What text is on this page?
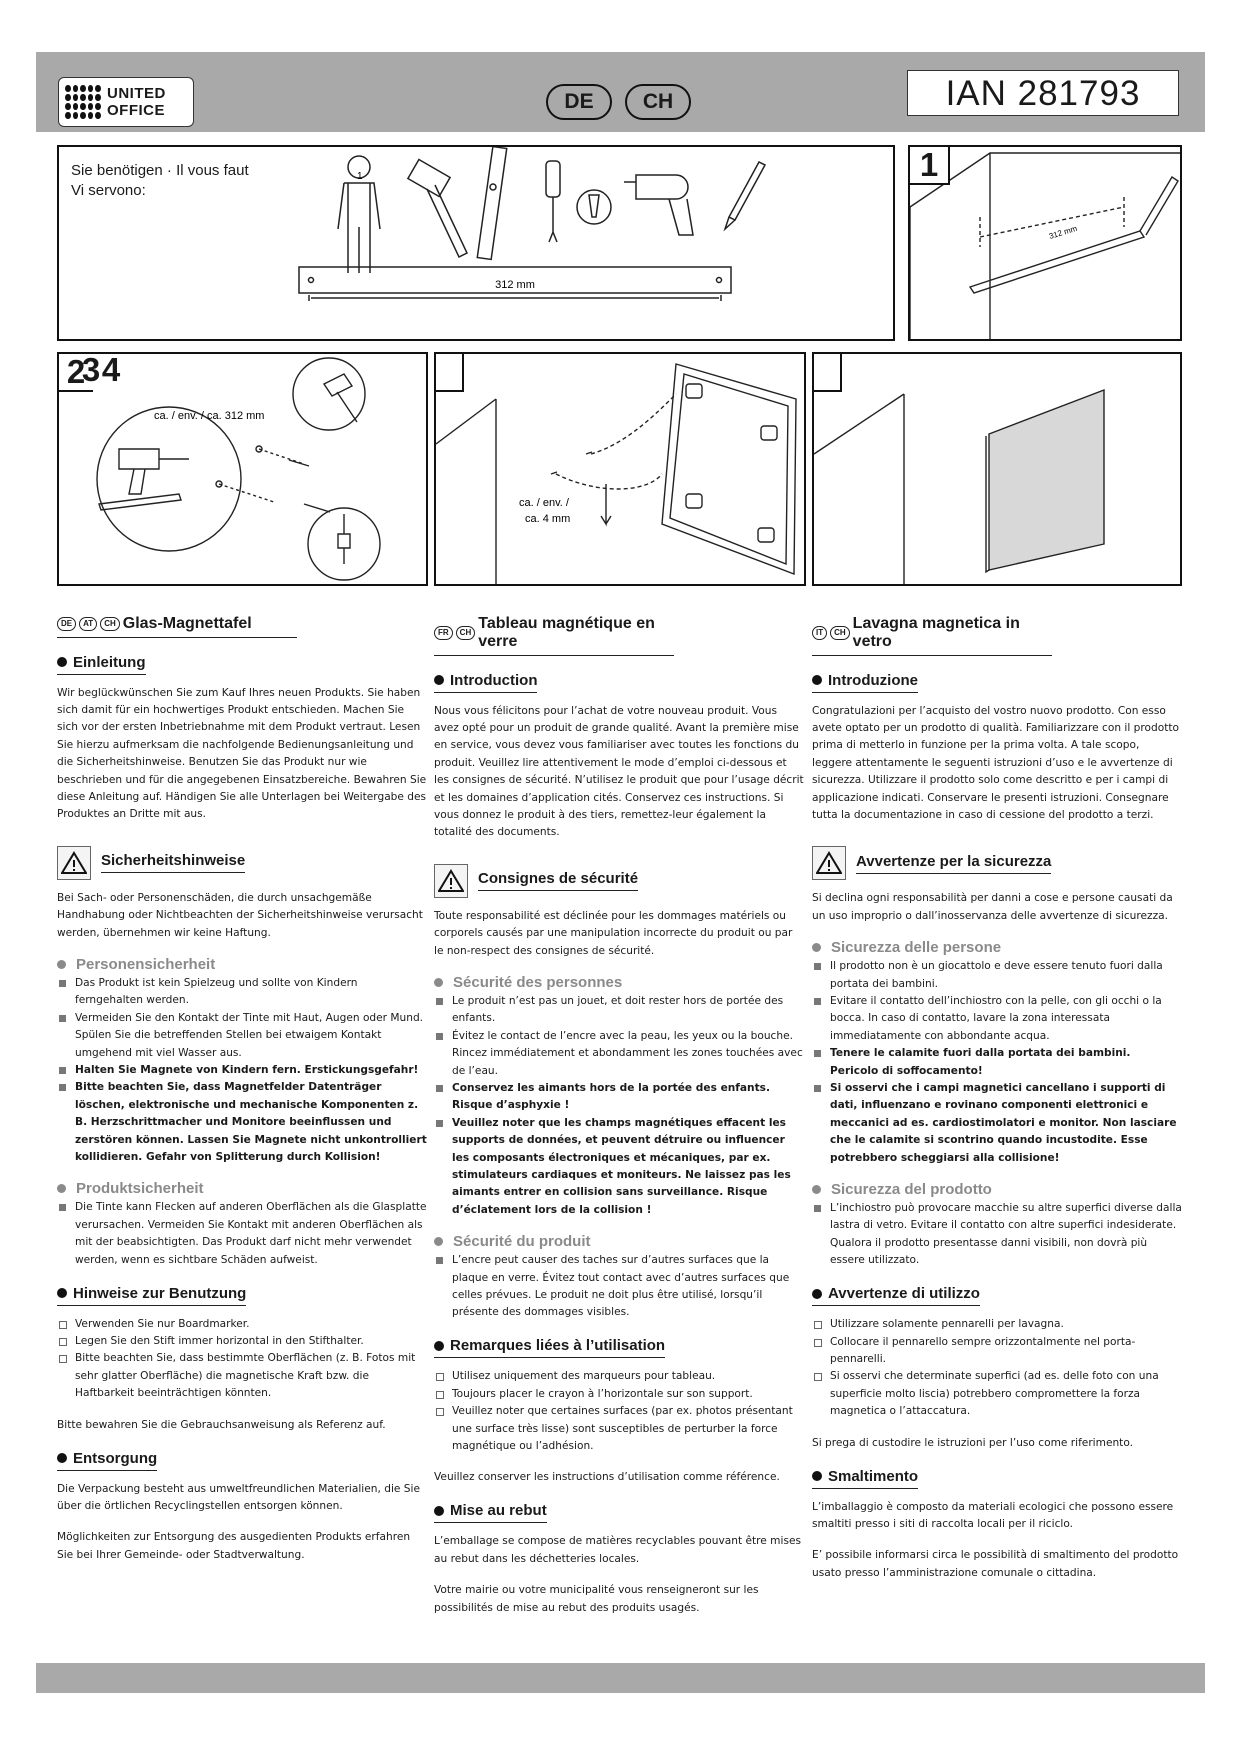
UNITED
OFFICE	DE	CH	IAN 281793
Sie benötigen · Il vous faut
Vi servono:
1
312 mm
312 mm
1
ca. / env. / ca. 312 mm
2
3 4
ca. / env. /
ca. 4 mm
DE	AT	CH Glas-Magnettafel
Einleitung

Wir beglückwünschen Sie zum Kauf Ihres neuen Produkts. Sie haben sich damit für ein hochwertiges Produkt entschieden. Machen Sie sich vor der ersten Inbetriebnahme mit dem Produkt vertraut. Lesen Sie hierzu aufmerksam die nachfolgende Bedienungsanleitung und die Sicherheitshinweise. Benutzen Sie das Produkt nur wie beschrieben und für die angegebenen Einsatzbereiche. Bewahren Sie diese Anleitung auf. Händigen Sie alle Unterlagen bei Weitergabe des Produktes an Dritte mit aus.

Sicherheitshinweise

Bei Sach- oder Personenschäden, die durch unsachgemäße Handhabung oder Nichtbeachten der Sicherheitshinweise verursacht werden, übernehmen wir keine Haftung.

Personensicherheit
Das Produkt ist kein Spielzeug und sollte von Kindern ferngehalten werden.
Vermeiden Sie den Kontakt der Tinte mit Haut, Augen oder Mund. Spülen Sie die betreffenden Stellen bei etwaigem Kontakt umgehend mit viel Wasser aus.
Halten Sie Magnete von Kindern fern. Erstickungsgefahr!
Bitte beachten Sie, dass Magnetfelder Datenträger löschen, elektronische und mechanische Komponenten z. B. Herzschrittmacher und Monitore beeinflussen und zerstören können. Lassen Sie Magnete nicht unkontrolliert kollidieren. Gefahr von Splitterung durch Kollision!
Produktsicherheit
Die Tinte kann Flecken auf anderen Oberflächen als die Glasplatte verursachen. Vermeiden Sie Kontakt mit anderen Oberflächen als mit der beabsichtigten. Das Produkt darf nicht mehr verwendet werden, wenn es sichtbare Schäden aufweist.
Hinweise zur Benutzung
Verwenden Sie nur Boardmarker.
Legen Sie den Stift immer horizontal in den Stifthalter.
Bitte beachten Sie, dass bestimmte Oberflächen (z. B. Fotos mit sehr glatter Oberfläche) die magnetische Kraft bzw. die Haftbarkeit beeinträchtigen könnten.

Bitte bewahren Sie die Gebrauchsanweisung als Referenz auf.

Entsorgung

Die Verpackung besteht aus umweltfreundlichen Materialien, die Sie über die örtlichen Recyclingstellen entsorgen können.

Möglichkeiten zur Entsorgung des ausgedienten Produkts erfahren Sie bei Ihrer Gemeinde- oder Stadtverwaltung.

FR	CH
Tableau magnétique en verre
Introduction

Nous vous félicitons pour l’achat de votre nouveau produit. Vous avez opté pour un produit de grande qualité. Avant la première mise en service, vous devez vous familiariser avec toutes les fonctions du produit. Veuillez lire attentivement le mode d’emploi ci-dessous et les consignes de sécurité. N’utilisez le produit que pour l’usage décrit et les domaines d’application cités. Conservez ces instructions. Si vous donnez le produit à des tiers, remettez-leur également la totalité des documents.

Consignes de sécurité

Toute responsabilité est déclinée pour les dommages matériels ou corporels causés par une manipulation incorrecte du produit ou par le non-respect des consignes de sécurité.

Sécurité des personnes
Le produit n’est pas un jouet, et doit rester hors de portée des enfants.
Évitez le contact de l’encre avec la peau, les yeux ou la bouche. Rincez immédiatement et abondamment les zones touchées avec de l’eau.
Conservez les aimants hors de la portée des enfants. Risque d’asphyxie !
Veuillez noter que les champs magnétiques effacent les supports de données, et peuvent détruire ou influencer les composants électroniques et mécaniques, par ex. stimulateurs cardiaques et moniteurs. Ne laissez pas les aimants entrer en collision sans surveillance. Risque d’éclatement lors de la collision !
Sécurité du produit
L’encre peut causer des taches sur d’autres surfaces que la plaque en verre. Évitez tout contact avec d’autres surfaces que celles prévues. Le produit ne doit plus être utilisé, lorsqu’il présente des dommages visibles.
Remarques liées à l’utilisation
Utilisez uniquement des marqueurs pour tableau.
Toujours placer le crayon à l’horizontale sur son support.
Veuillez noter que certaines surfaces (par ex. photos présentant une surface très lisse) sont susceptibles de perturber la force magnétique ou l’adhésion.

Veuillez conserver les instructions d’utilisation comme référence.

Mise au rebut

L’emballage se compose de matières recyclables pouvant être mises au rebut dans les déchetteries locales.

Votre mairie ou votre municipalité vous renseigneront sur les possibilités de mise au rebut des produits usagés.

IT	CH
Lavagna magnetica in vetro
Introduzione

Congratulazioni per l’acquisto del vostro nuovo prodotto. Con esso avete optato per un prodotto di qualità. Familiarizzare con il prodotto prima di metterlo in funzione per la prima volta. A tale scopo, leggere attentamente le seguenti istruzioni d’uso e le avvertenze di sicurezza. Utilizzare il prodotto solo come descritto e per i campi di applicazione indicati. Conservare le presenti istruzioni. Consegnare tutta la documentazione in caso di cessione del prodotto a terzi.

Avvertenze per la sicurezza

Si declina ogni responsabilità per danni a cose e persone causati da un uso improprio o dall’inosservanza delle avvertenze di sicurezza.

Sicurezza delle persone
Il prodotto non è un giocattolo e deve essere tenuto fuori dalla portata dei bambini.
Evitare il contatto dell’inchiostro con la pelle, con gli occhi o la bocca. In caso di contatto, lavare la zona interessata immediatamente con abbondante acqua.
Tenere le calamite fuori dalla portata dei bambini. Pericolo di soffocamento!
Si osservi che i campi magnetici cancellano i supporti di dati, influenzano e rovinano componenti elettronici e meccanici ad es. cardiostimolatori e monitor. Non lasciare che le calamite si scontrino quando incustodite. Esse potrebbero scheggiarsi alla collisione!
Sicurezza del prodotto
L’inchiostro può provocare macchie su altre superfici diverse dalla lastra di vetro. Evitare il contatto con altre superfici indesiderate. Qualora il prodotto presentasse danni visibili, non dovrà più essere utilizzato.
Avvertenze di utilizzo
Utilizzare solamente pennarelli per lavagna.
Collocare il pennarello sempre orizzontalmente nel porta-pennarelli.
Si osservi che determinate superfici (ad es. delle foto con una superficie molto liscia) potrebbero compromettere la forza magnetica o l’attaccatura.

Si prega di custodire le istruzioni per l’uso come riferimento.

Smaltimento

L’imballaggio è composto da materiali ecologici che possono essere smaltiti presso i siti di raccolta locali per il riciclo.

E’ possibile informarsi circa le possibilità di smaltimento del prodotto usato presso l’amministrazione comunale o cittadina.
